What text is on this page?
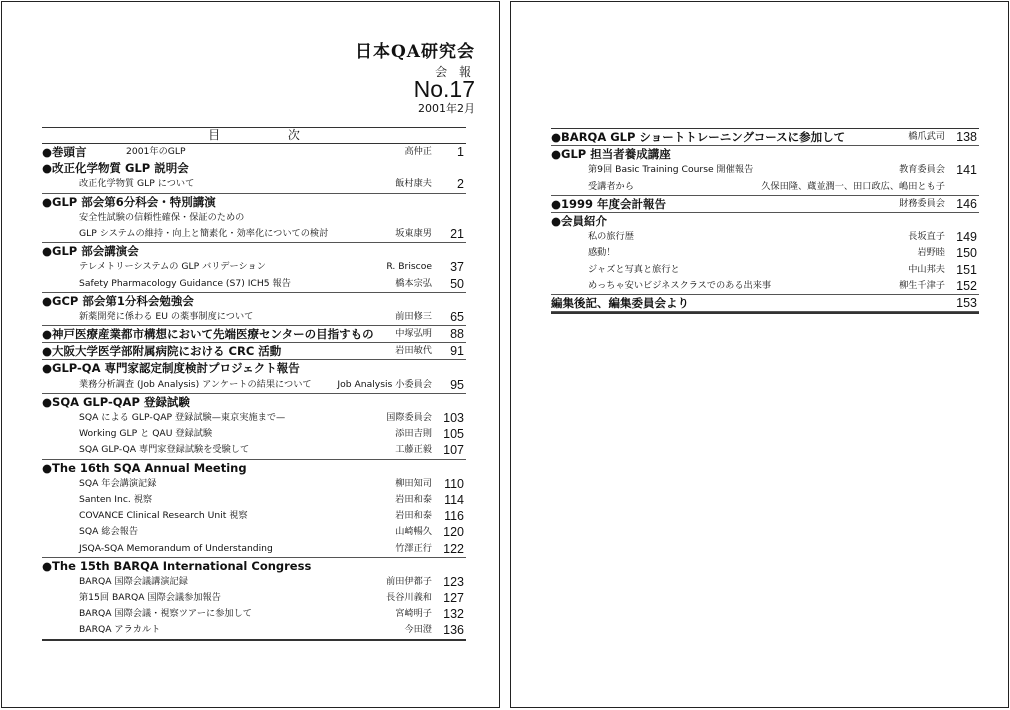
日本QA研究会
会 報
No.17
2001年2月
目 次
●巻頭言	2001年のGLP	高仲正 1
●改正化学物質 GLP 説明会
改正化学物質 GLP について	飯村康夫 2
●GLP 部会第6分科会・特別講演
安全性試験の信頼性確保・保証のための
GLP システムの維持・向上と簡素化・効率化についての検討	坂東康男 21
●GLP 部会講演会
テレメトリーシステムの GLP バリデーション	R. Briscoe 37
Safety Pharmacology Guidance (S7) ICH5 報告	橋本宗弘 50
●GCP 部会第1分科会勉強会
新薬開発に係わる EU の薬事制度について	前田修三 65
●神戸医療産業都市構想において先端医療センターの目指すもの 中塚弘明 88
●大阪大学医学部附属病院における CRC 活動	岩田敏代 91
●GLP-QA 専門家認定制度検討プロジェクト報告
業務分析調査 (Job Analysis) アンケートの結果について	Job Analysis 小委員会 95
●SQA GLP-QAP 登録試験
SQA による GLP-QAP 登録試験—東京実施まで—	国際委員会 103
Working GLP と QAU 登録試験	添田吉則 105
SQA GLP-QA 専門家登録試験を受験して	工藤正毅 107
●The 16th SQA Annual Meeting
SQA 年会講演記録	柳田知司 110
Santen Inc. 視察	岩田和泰 114
COVANCE Clinical Research Unit 視察	岩田和泰 116
SQA 総会報告	山崎暢久 120
JSQA-SQA Memorandum of Understanding	竹澤正行 122
●The 15th BARQA International Congress
BARQA 国際会議講演記録	前田伊都子 123
第15回 BARQA 国際会議参加報告	長谷川義和 127
BARQA 国際会議・視察ツアーに参加して	宮崎明子 132
BARQA アラカルト	今田澄 136
●BARQA GLP ショートトレーニングコースに参加して	橋爪武司 138
●GLP 担当者養成講座
第9回 Basic Training Course 開催報告	教育委員会 141
受講者から	久保田隆、蔵並潤一、田口政広、嶋田とも子
●1999 年度会計報告	財務委員会 146
●会員紹介
私の旅行歴	長坂直子 149
感動！	岩野睦 150
ジャズと写真と旅行と	中山邦夫 151
めっちゃ安いビジネスクラスでのある出来事	柳生千津子 152
編集後記、編集委員会より	153
